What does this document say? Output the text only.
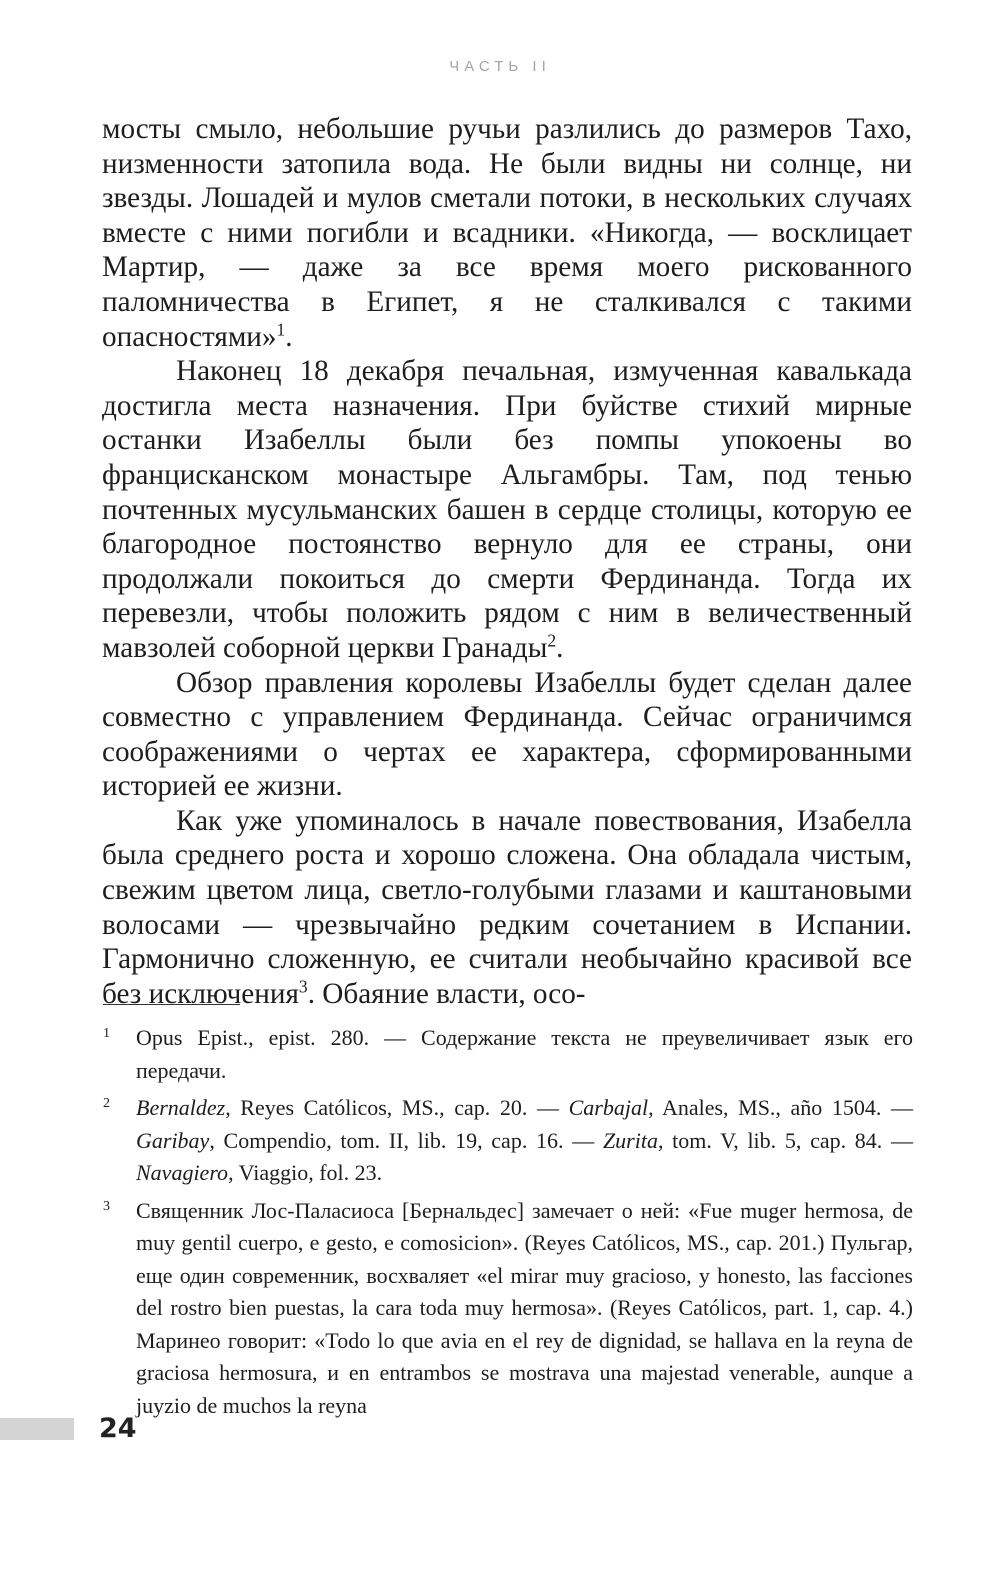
ЧАСТЬ II

мосты смыло, небольшие ручьи разлились до размеров Тахо, низменности затопила вода. Не были видны ни солнце, ни звезды. Лошадей и мулов сметали потоки, в нескольких случаях вместе с ними погибли и всадники. «Никогда, — восклицает Мартир, — даже за все время моего рискованного паломничества в Египет, я не сталкивался с такими опасностями»$^1$.

Наконец 18 декабря печальная, измученная кавалькада достигла места назначения. При буйстве стихий мирные останки Изабеллы были без помпы упокоены во францисканском монастыре Альгамбры. Там, под тенью почтенных мусульманских башен в сердце столицы, которую ее благородное постоянство вернуло для ее страны, они продолжали покоиться до смерти Фердинанда. Тогда их перевезли, чтобы положить рядом с ним в величественный мавзолей соборной церкви Гранады$^2$.

Обзор правления королевы Изабеллы будет сделан далее совместно с управлением Фердинанда. Сейчас ограничимся соображениями о чертах ее характера, сформированными историей ее жизни.

Как уже упоминалось в начале повествования, Изабелла была среднего роста и хорошо сложена. Она обладала чистым, свежим цветом лица, светло-голубыми глазами и каштановыми волосами — чрезвычайно редким сочетанием в Испании. Гармонично сложенную, ее считали необычайно красивой все без исключения$^3$. Обаяние власти, осо-

1 Opus Epist., epist. 280. — Содержание текста не преувеличивает язык его передачи.
2 Bernaldez, Reyes Católicos, MS., cap. 20. — Carbajal, Anales, MS., año 1504. — Garibay, Compendio, tom. II, lib. 19, cap. 16. — Zurita, tom. V, lib. 5, cap. 84. — Navagiero, Viaggio, fol. 23.
3 Священник Лос-Паласиоса [Бернальдес] замечает о ней: «Fue muger hermosa, de muy gentil cuerpo, e gesto, e comosicion». (Reyes Católicos, MS., cap. 201.) Пульгар, еще один современник, восхваляет «el mirar muy gracioso, y honesto, las facciones del rostro bien puestas, la cara toda muy hermosa». (Reyes Católicos, part. 1, cap. 4.) Маринео говорит: «Todo lo que avia en el rey de dignidad, se hallava en la reyna de graciosa hermosura, и en entrambos se mostrava una majestad venerable, aunque a juyzio de muchos la reyna
24
